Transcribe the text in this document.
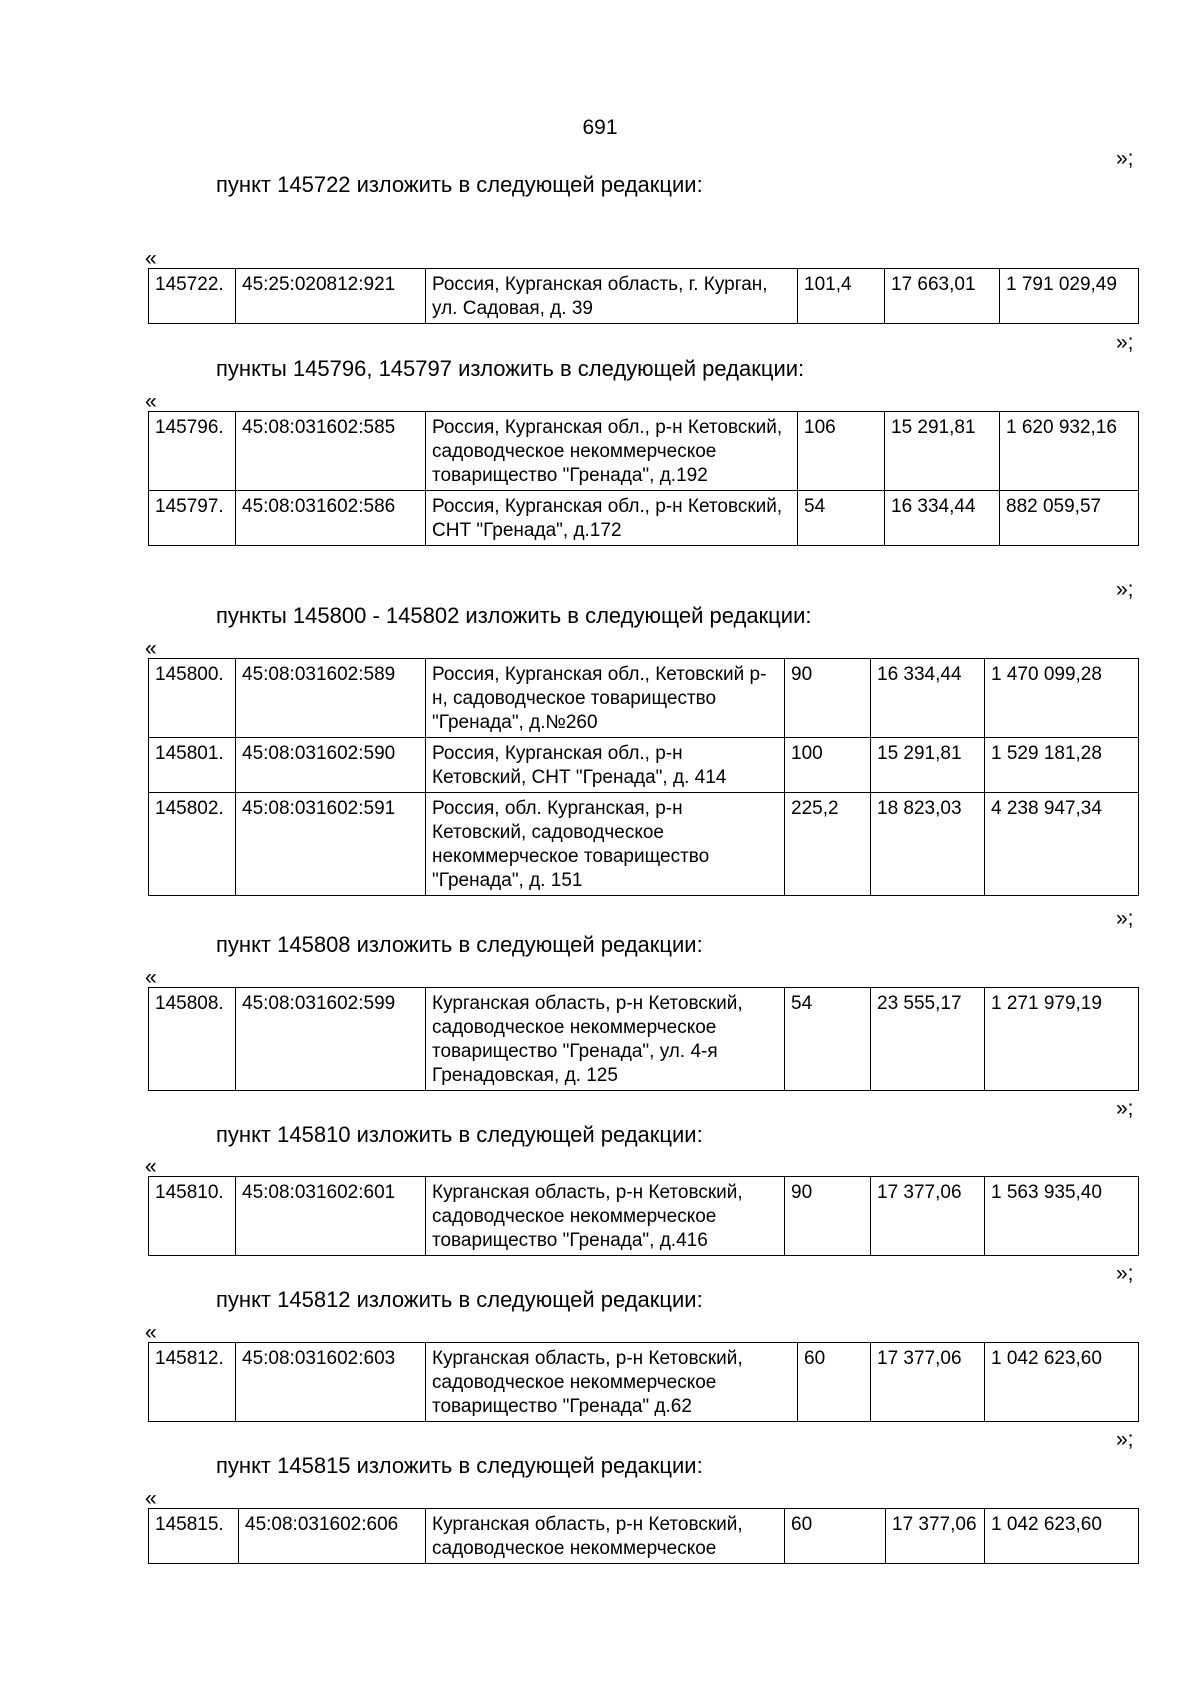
691
»;
пункт 145722 изложить в следующей редакции:
«
145722.	45:25:020812:921	Россия, Курганская область, г. Курган, ул. Садовая, д. 39	101,4	17 663,01	1 791 029,49
»;
пункты 145796, 145797 изложить в следующей редакции:
«
145796.	45:08:031602:585	Россия, Курганская обл., р-н Кетовский, садоводческое некоммерческое товарищество "Гренада", д.192	106	15 291,81	1 620 932,16
145797.	45:08:031602:586	Россия, Курганская обл., р-н Кетовский, СНТ "Гренада", д.172	54	16 334,44	882 059,57
»;
пункты 145800 - 145802 изложить в следующей редакции:
«
145800.	45:08:031602:589	Россия, Курганская обл., Кетовский р-н, садоводческое товарищество "Гренада", д.№260	90	16 334,44	1 470 099,28
145801.	45:08:031602:590	Россия, Курганская обл., р-н Кетовский, СНТ "Гренада", д. 414	100	15 291,81	1 529 181,28
145802.	45:08:031602:591	Россия, обл. Курганская, р-н Кетовский, садоводческое некоммерческое товарищество "Гренада", д. 151	225,2	18 823,03	4 238 947,34
»;
пункт 145808 изложить в следующей редакции:
«
145808.	45:08:031602:599	Курганская область, р-н Кетовский, садоводческое некоммерческое товарищество "Гренада", ул. 4-я Гренадовская, д. 125	54	23 555,17	1 271 979,19
»;
пункт 145810 изложить в следующей редакции:
«
145810.	45:08:031602:601	Курганская область, р-н Кетовский, садоводческое некоммерческое товарищество "Гренада", д.416	90	17 377,06	1 563 935,40
»;
пункт 145812 изложить в следующей редакции:
«
145812.	45:08:031602:603	Курганская область, р-н Кетовский, садоводческое некоммерческое товарищество "Гренада" д.62	60	17 377,06	1 042 623,60
»;
пункт 145815 изложить в следующей редакции:
«
145815.	45:08:031602:606	Курганская область, р-н Кетовский, садоводческое некоммерческое	60	17 377,06	1 042 623,60
